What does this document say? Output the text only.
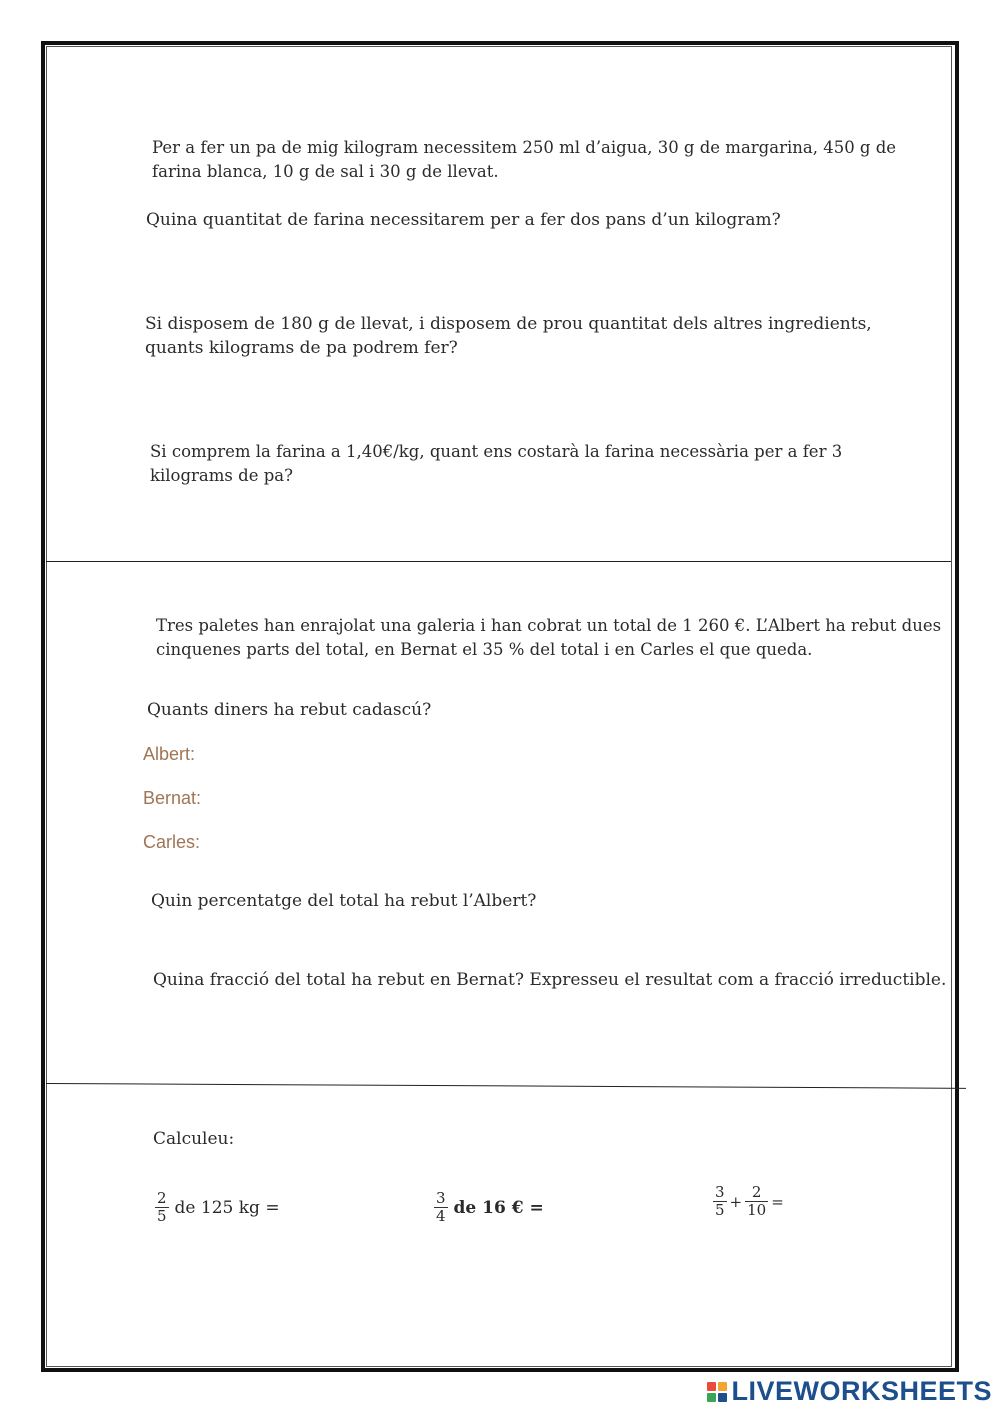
Per a fer un pa de mig kilogram necessitem 250 ml d’aigua, 30 g de margarina, 450 g de
farina blanca, 10 g de sal i 30 g de llevat.
Quina quantitat de farina necessitarem per a fer dos pans d’un kilogram?
Si disposem de 180 g de llevat, i disposem de prou quantitat dels altres ingredients,
quants kilograms de pa podrem fer?
Si comprem la farina a 1,40€/kg, quant ens costarà la farina necessària per a fer 3
kilograms de pa?
Tres paletes han enrajolat una galeria i han cobrat un total de 1 260 €. L’Albert ha rebut dues
cinquenes parts del total, en Bernat el 35 % del total i en Carles el que queda.
Quants diners ha rebut cadascú?
Albert:
Bernat:
Carles:
Quin percentatge del total ha rebut l’Albert?
Quina fracció del total ha rebut en Bernat? Expresseu el resultat com a fracció irreductible.
Calculeu:
$\frac{2}{5}$ de 125 kg =	$\frac{3}{4}$ de 16 € =	$\frac{3}{5} + \frac{2}{10}$ =
LIVEWORKSHEETS
